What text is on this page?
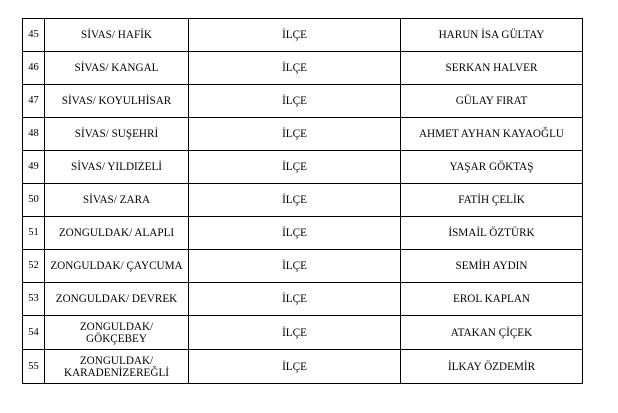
45	SİVAS/ HAFİK	İLÇE	HARUN İSA GÜLTAY
46	SİVAS/ KANGAL	İLÇE	SERKAN HALVER
47	SİVAS/ KOYULHİSAR	İLÇE	GÜLAY FIRAT
48	SİVAS/ SUŞEHRİ	İLÇE	AHMET AYHAN KAYAOĞLU
49	SİVAS/ YILDIZELİ	İLÇE	YAŞAR GÖKTAŞ
50	SİVAS/ ZARA	İLÇE	FATİH ÇELİK
51	ZONGULDAK/ ALAPLI	İLÇE	İSMAİL ÖZTÜRK
52	ZONGULDAK/ ÇAYCUMA	İLÇE	SEMİH AYDIN
53	ZONGULDAK/ DEVREK	İLÇE	EROL KAPLAN
54	ZONGULDAK/ GÖKÇEBEY	İLÇE	ATAKAN ÇİÇEK
55	ZONGULDAK/ KARADENİZEREĞLİ	İLÇE	İLKAY ÖZDEMİR
